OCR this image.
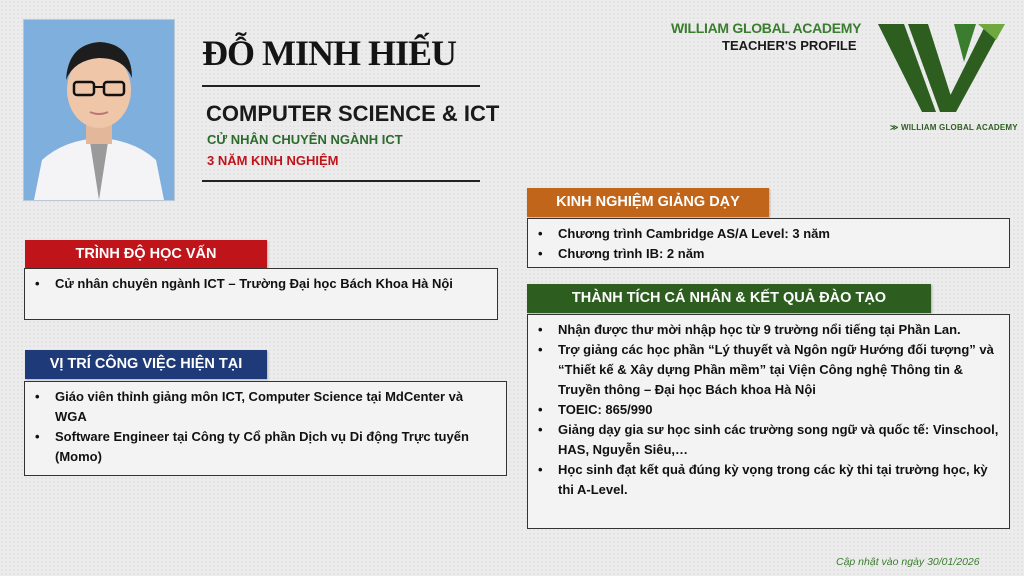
ĐỖ MINH HIẾU
COMPUTER SCIENCE & ICT
CỬ NHÂN CHUYÊN NGÀNH ICT
3 NĂM KINH NGHIỆM
WILLIAM GLOBAL ACADEMY
TEACHER'S PROFILE
≫ WILLIAM GLOBAL ACADEMY
KINH NGHIỆM GIẢNG DẠY
• Chương trình Cambridge AS/A Level: 3 năm
• Chương trình IB: 2 năm
TRÌNH ĐỘ HỌC VẤN
• Cử nhân chuyên ngành ICT – Trường Đại học Bách Khoa Hà Nội
THÀNH TÍCH CÁ NHÂN & KẾT QUẢ ĐÀO TẠO
• Nhận được thư mời nhập học từ 9 trường nổi tiếng tại Phần Lan.
• Trợ giảng các học phần “Lý thuyết và Ngôn ngữ Hướng đối tượng” và “Thiết kế & Xây dựng Phần mềm” tại Viện Công nghệ Thông tin & Truyền thông – Đại học Bách khoa Hà Nội
• TOEIC: 865/990
• Giảng dạy gia sư học sinh các trường song ngữ và quốc tế: Vinschool, HAS, Nguyễn Siêu,…
• Học sinh đạt kết quả đúng kỳ vọng trong các kỳ thi tại trường học, kỳ thi A-Level.
VỊ TRÍ CÔNG VIỆC HIỆN TẠI
• Giáo viên thỉnh giảng môn ICT, Computer Science tại MdCenter và WGA
• Software Engineer tại Công ty Cổ phần Dịch vụ Di động Trực tuyến (Momo)
Cập nhật vào ngày 30/01/2026
